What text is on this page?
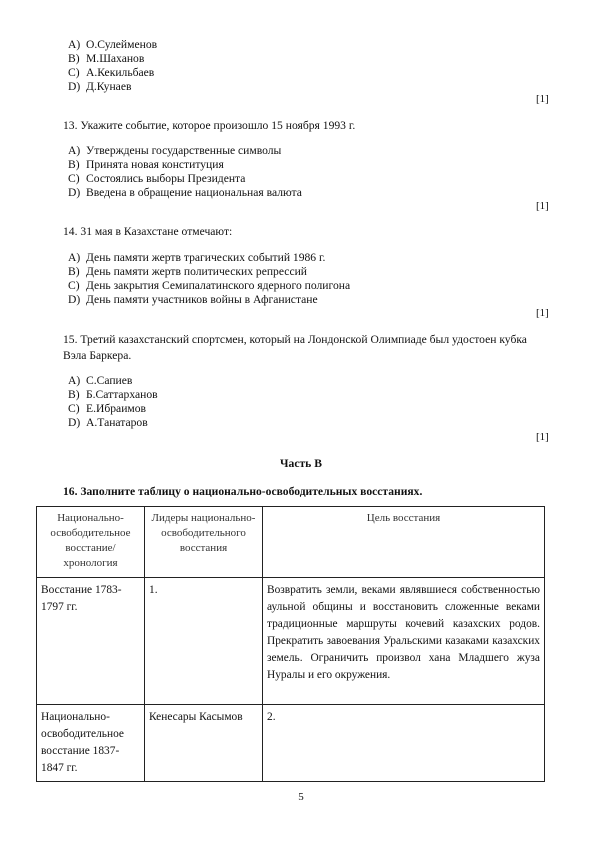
A) О.Сулейменов
B) М.Шаханов
C) А.Кекильбаев
D) Д.Кунаев
[1]
13. Укажите событие, которое произошло 15 ноября 1993 г.
A) Утверждены государственные символы
B) Принята новая конституция
C) Состоялись выборы Президента
D) Введена в обращение национальная валюта
[1]
14. 31 мая в Казахстане отмечают:
A) День памяти жертв трагических событий 1986 г.
B) День памяти жертв политических репрессий
C) День закрытия Семипалатинского ядерного полигона
D) День памяти участников войны в Афганистане
[1]
15. Третий казахстанский спортсмен, который на Лондонской Олимпиаде был удостоен кубка Вэла Баркера.
A) С.Сапиев
B) Б.Саттарханов
C) Е.Ибраимов
D) А.Танатаров
[1]
Часть В
16. Заполните таблицу о национально-освободительных восстаниях.
Национально-освободительное восстание/ хронология	Лидеры национально-освободительного восстания	Цель восстания
Восстание 1783-1797 гг.	1.	Возвратить земли, веками являвшиеся собственностью аульной общины и восстановить сложенные веками традиционные маршруты кочевий казахских родов. Прекратить завоевания Уральскими казаками казахских земель. Ограничить произвол хана Младшего жуза Нуралы и его окружения.
Национально-освободительное восстание 1837-1847 гг.	Кенесары Касымов	2.
5
